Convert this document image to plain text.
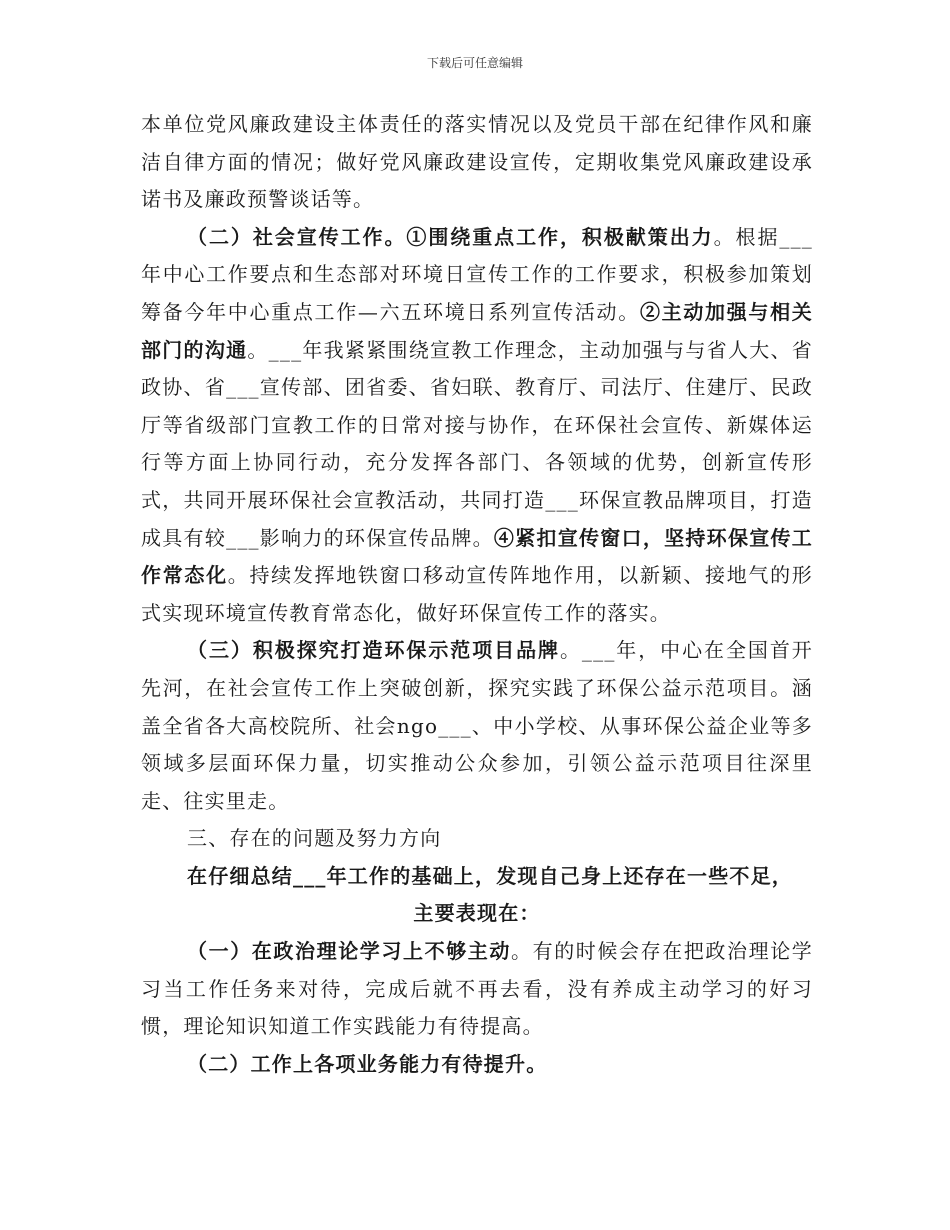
下载后可任意编辑

本单位党风廉政建设主体责任的落实情况以及党员干部在纪律作风和廉洁自律方面的情况；做好党风廉政建设宣传，定期收集党风廉政建设承诺书及廉政预警谈话等。

（二）社会宣传工作。①围绕重点工作，积极献策出力。根据___年中心工作要点和生态部对环境日宣传工作的工作要求，积极参加策划筹备今年中心重点工作—六五环境日系列宣传活动。②主动加强与相关部门的沟通。___年我紧紧围绕宣教工作理念，主动加强与与省人大、省政协、省___宣传部、团省委、省妇联、教育厅、司法厅、住建厅、民政厅等省级部门宣教工作的日常对接与协作，在环保社会宣传、新媒体运行等方面上协同行动，充分发挥各部门、各领域的优势，创新宣传形式，共同开展环保社会宣教活动，共同打造___环保宣教品牌项目，打造成具有较___影响力的环保宣传品牌。④紧扣宣传窗口，坚持环保宣传工作常态化。持续发挥地铁窗口移动宣传阵地作用，以新颖、接地气的形式实现环境宣传教育常态化，做好环保宣传工作的落实。

（三）积极探究打造环保示范项目品牌。___年，中心在全国首开先河，在社会宣传工作上突破创新，探究实践了环保公益示范项目。涵盖全省各大高校院所、社会ngo___、中小学校、从事环保公益企业等多领域多层面环保力量，切实推动公众参加，引领公益示范项目往深里走、往实里走。

三、存在的问题及努力方向

在仔细总结___年工作的基础上，发现自己身上还存在一些不足，

主要表现在：

（一）在政治理论学习上不够主动。有的时候会存在把政治理论学习当工作任务来对待，完成后就不再去看，没有养成主动学习的好习惯，理论知识知道工作实践能力有待提高。

（二）工作上各项业务能力有待提升。
